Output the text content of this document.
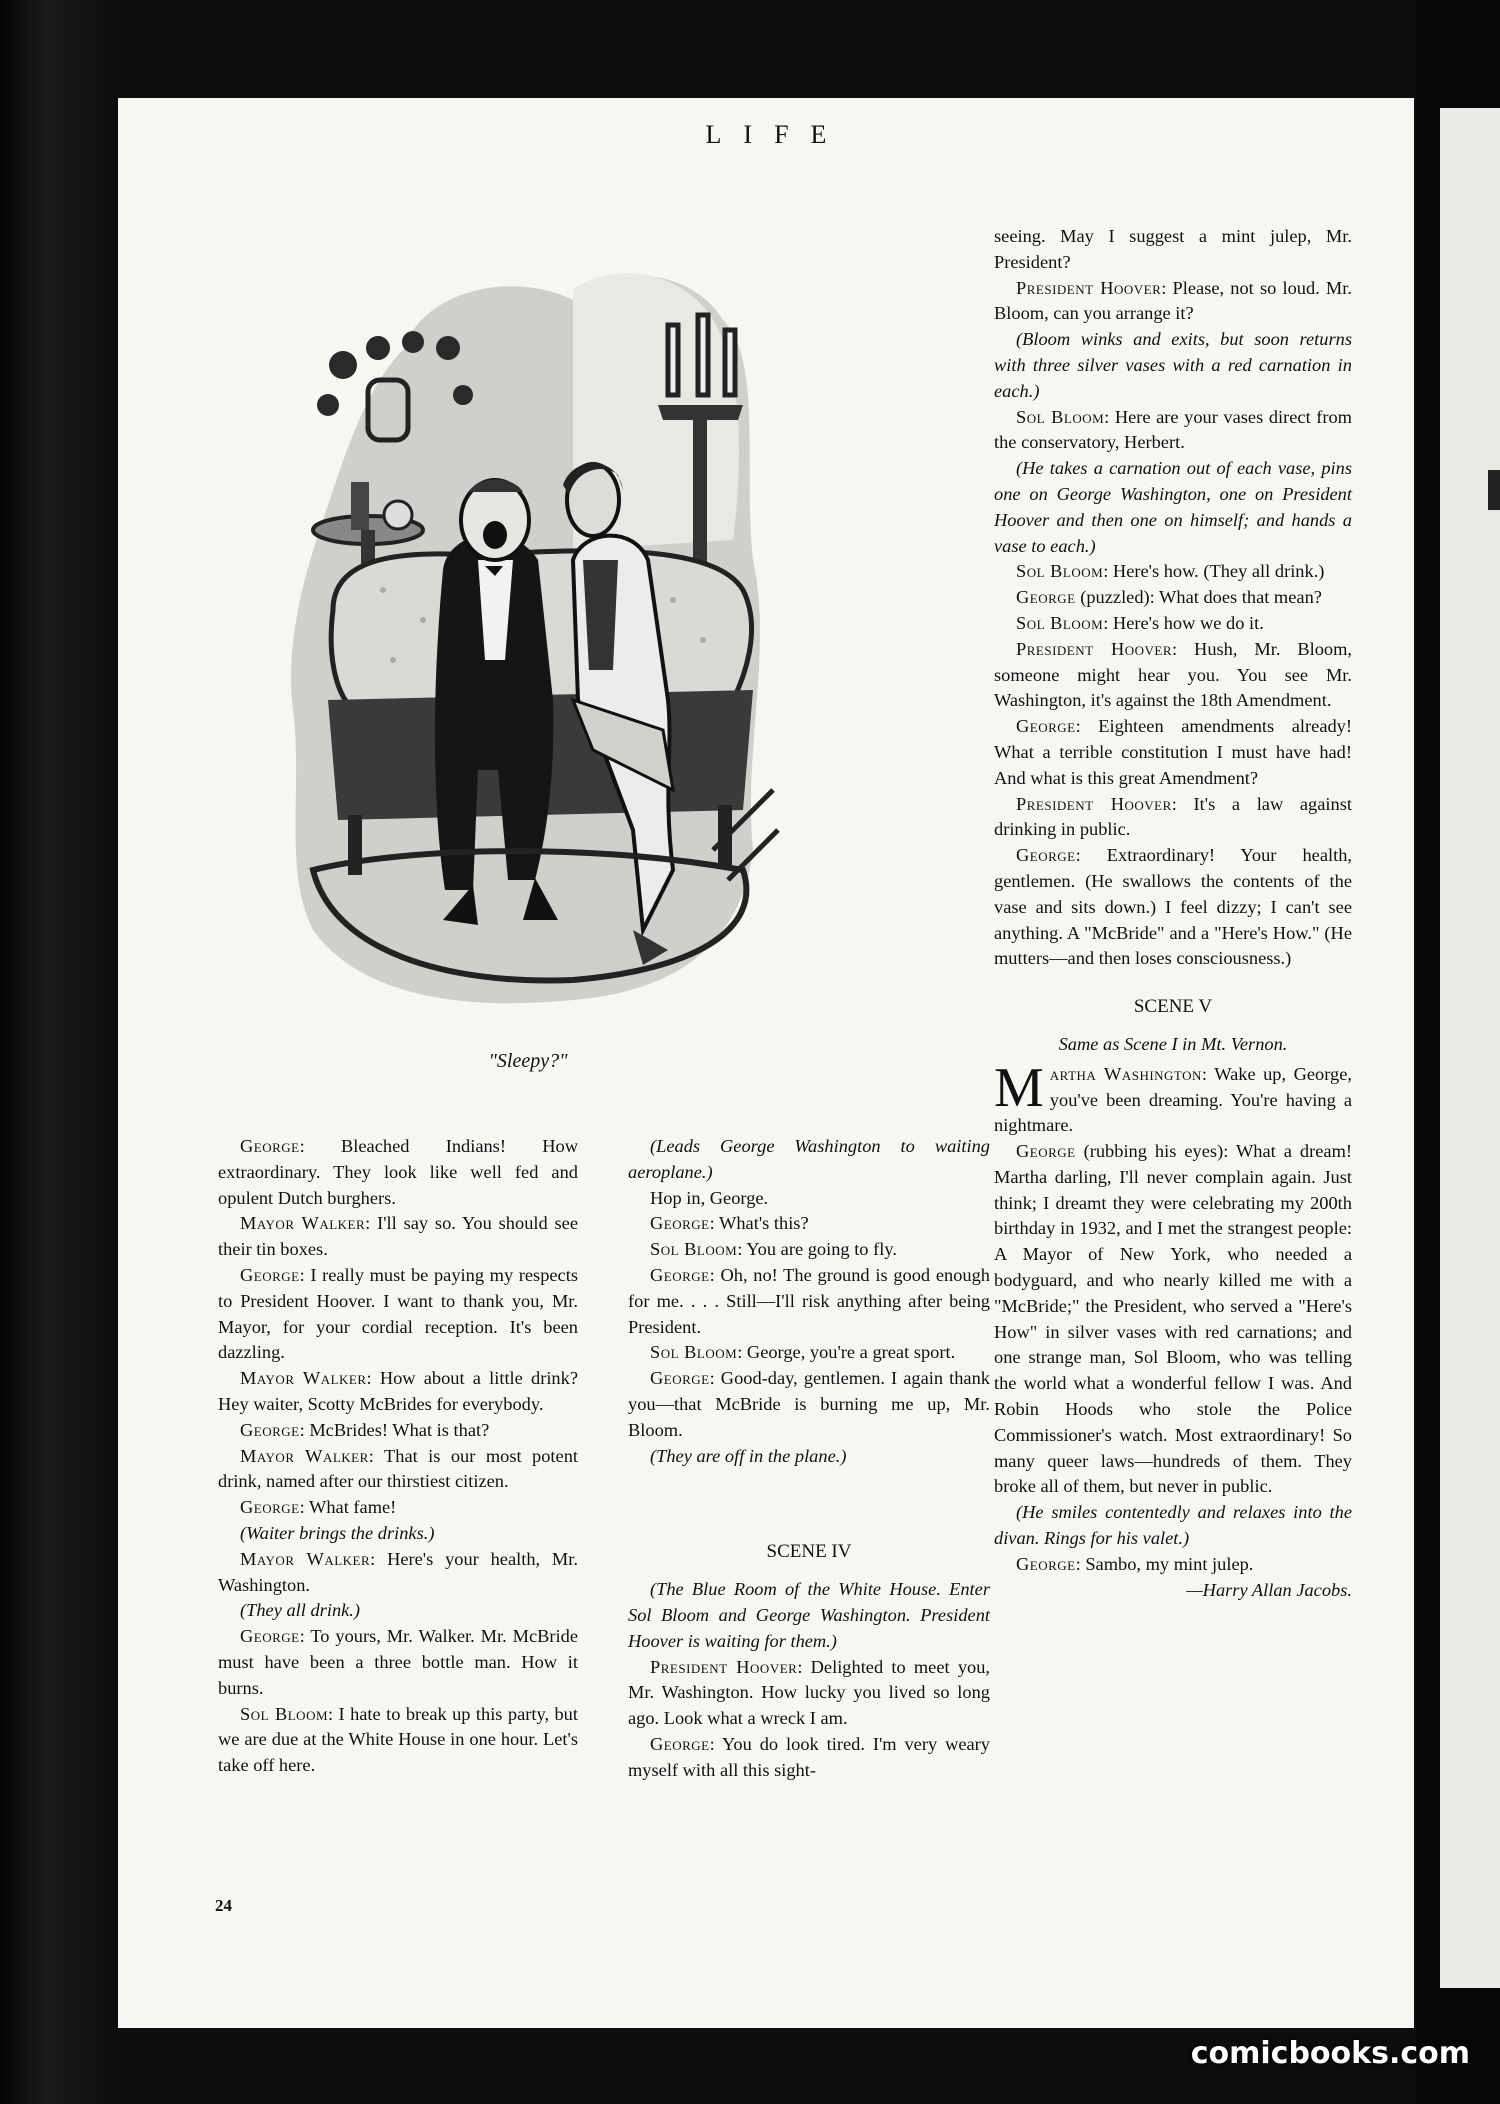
LIFE
"Sleepy?"

George: Bleached Indians! How extraordinary. They look like well fed and opulent Dutch burghers.

Mayor Walker: I'll say so. You should see their tin boxes.

George: I really must be paying my respects to President Hoover. I want to thank you, Mr. Mayor, for your cordial reception. It's been dazzling.

Mayor Walker: How about a little drink? Hey waiter, Scotty McBrides for everybody.

George: McBrides! What is that?

Mayor Walker: That is our most potent drink, named after our thirstiest citizen.

George: What fame!

(Waiter brings the drinks.)

Mayor Walker: Here's your health, Mr. Washington.

(They all drink.)

George: To yours, Mr. Walker. Mr. McBride must have been a three bottle man. How it burns.

Sol Bloom: I hate to break up this party, but we are due at the White House in one hour. Let's take off here.

(Leads George Washington to waiting aeroplane.)

Hop in, George.

George: What's this?

Sol Bloom: You are going to fly.

George: Oh, no! The ground is good enough for me. . . . Still—I'll risk anything after being President.

Sol Bloom: George, you're a great sport.

George: Good-day, gentlemen. I again thank you—that McBride is burning me up, Mr. Bloom.

(They are off in the plane.)

SCENE IV

(The Blue Room of the White House. Enter Sol Bloom and George Washington. President Hoover is waiting for them.)

President Hoover: Delighted to meet you, Mr. Washington. How lucky you lived so long ago. Look what a wreck I am.

George: You do look tired. I'm very weary myself with all this sight-

seeing. May I suggest a mint julep, Mr. President?

President Hoover: Please, not so loud. Mr. Bloom, can you arrange it?

(Bloom winks and exits, but soon returns with three silver vases with a red carnation in each.)

Sol Bloom: Here are your vases direct from the conservatory, Herbert.

(He takes a carnation out of each vase, pins one on George Washington, one on President Hoover and then one on himself; and hands a vase to each.)

Sol Bloom: Here's how. (They all drink.)

George (puzzled): What does that mean?

Sol Bloom: Here's how we do it.

President Hoover: Hush, Mr. Bloom, someone might hear you. You see Mr. Washington, it's against the 18th Amendment.

George: Eighteen amendments already! What a terrible constitution I must have had! And what is this great Amendment?

President Hoover: It's a law against drinking in public.

George: Extraordinary! Your health, gentlemen. (He swallows the contents of the vase and sits down.) I feel dizzy; I can't see anything. A "McBride" and a "Here's How." (He mutters—and then loses consciousness.)

SCENE V

Same as Scene I in Mt. Vernon.

Martha Washington: Wake up, George, you've been dreaming. You're having a nightmare.

George (rubbing his eyes): What a dream! Martha darling, I'll never complain again. Just think; I dreamt they were celebrating my 200th birthday in 1932, and I met the strangest people: A Mayor of New York, who needed a bodyguard, and who nearly killed me with a "McBride;" the President, who served a "Here's How" in silver vases with red carnations; and one strange man, Sol Bloom, who was telling the world what a wonderful fellow I was. And Robin Hoods who stole the Police Commissioner's watch. Most extraordinary! So many queer laws—hundreds of them. They broke all of them, but never in public.

(He smiles contentedly and relaxes into the divan. Rings for his valet.)

George: Sambo, my mint julep.

—Harry Allan Jacobs.

24
comicbooks.com
